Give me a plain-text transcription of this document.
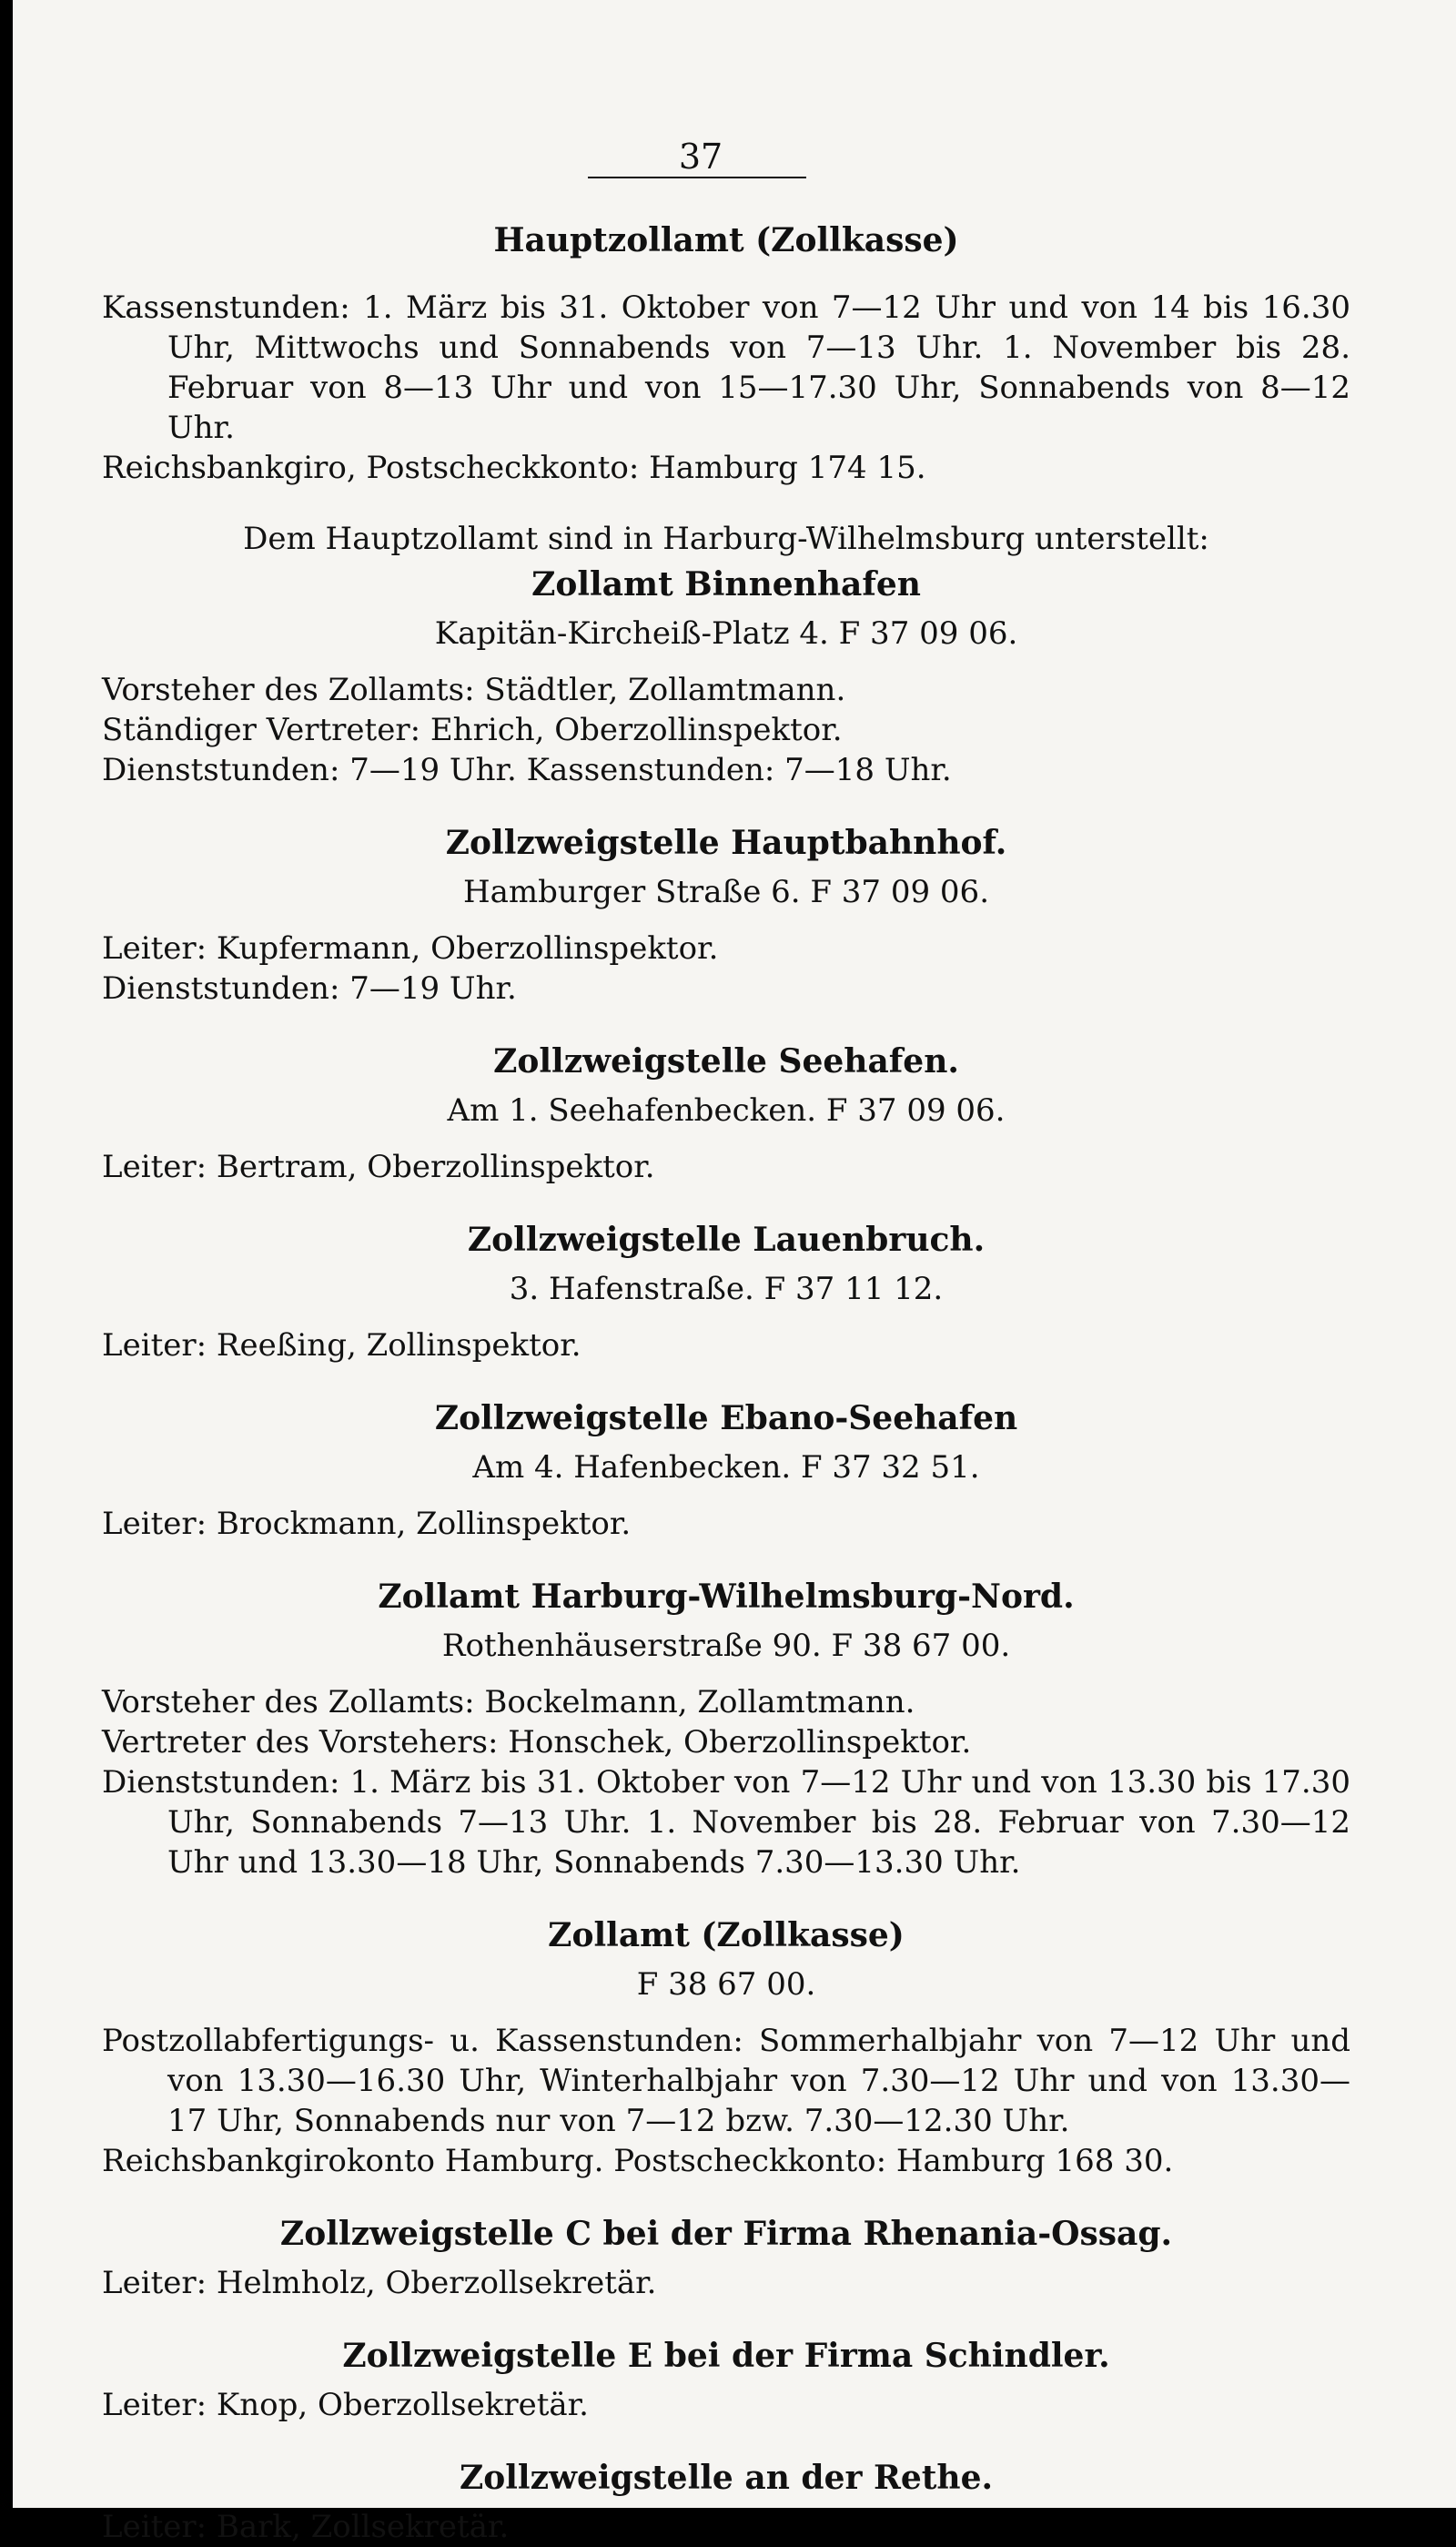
37
Hauptzollamt (Zollkasse)

Kassenstunden: 1. März bis 31. Oktober von 7—12 Uhr und von 14 bis 16.30 Uhr, Mittwochs und Sonnabends von 7—13 Uhr. 1. November bis 28. Februar von 8—13 Uhr und von 15—17.30 Uhr, Sonnabends von 8—12 Uhr.

Reichsbankgiro, Postscheckkonto: Hamburg 174 15.

Dem Hauptzollamt sind in Harburg-Wilhelmsburg unterstellt:

Zollamt Binnenhafen
Kapitän-Kircheiß-Platz 4. F 37 09 06.

Vorsteher des Zollamts: Städtler, Zollamtmann.

Ständiger Vertreter: Ehrich, Oberzollinspektor.

Dienststunden: 7—19 Uhr. Kassenstunden: 7—18 Uhr.

Zollzweigstelle Hauptbahnhof.
Hamburger Straße 6. F 37 09 06.

Leiter: Kupfermann, Oberzollinspektor.

Dienststunden: 7—19 Uhr.

Zollzweigstelle Seehafen.
Am 1. Seehafenbecken. F 37 09 06.

Leiter: Bertram, Oberzollinspektor.

Zollzweigstelle Lauenbruch.
3. Hafenstraße. F 37 11 12.

Leiter: Reeßing, Zollinspektor.

Zollzweigstelle Ebano-Seehafen
Am 4. Hafenbecken. F 37 32 51.

Leiter: Brockmann, Zollinspektor.

Zollamt Harburg-Wilhelmsburg-Nord.
Rothenhäuserstraße 90. F 38 67 00.

Vorsteher des Zollamts: Bockelmann, Zollamtmann.

Vertreter des Vorstehers: Honschek, Oberzollinspektor.

Dienststunden: 1. März bis 31. Oktober von 7—12 Uhr und von 13.30 bis 17.30 Uhr, Sonnabends 7—13 Uhr. 1. November bis 28. Februar von 7.30—12 Uhr und 13.30—18 Uhr, Sonnabends 7.30—13.30 Uhr.

Zollamt (Zollkasse)
F 38 67 00.

Postzollabfertigungs- u. Kassenstunden: Sommerhalbjahr von 7—12 Uhr und von 13.30—16.30 Uhr, Winterhalbjahr von 7.30—12 Uhr und von 13.30—17 Uhr, Sonnabends nur von 7—12 bzw. 7.30—12.30 Uhr.

Reichsbankgirokonto Hamburg. Postscheckkonto: Hamburg 168 30.

Zollzweigstelle C bei der Firma Rhenania-Ossag.

Leiter: Helmholz, Oberzollsekretär.

Zollzweigstelle E bei der Firma Schindler.

Leiter: Knop, Oberzollsekretär.

Zollzweigstelle an der Rethe.

Leiter: Bark, Zollsekretär.
